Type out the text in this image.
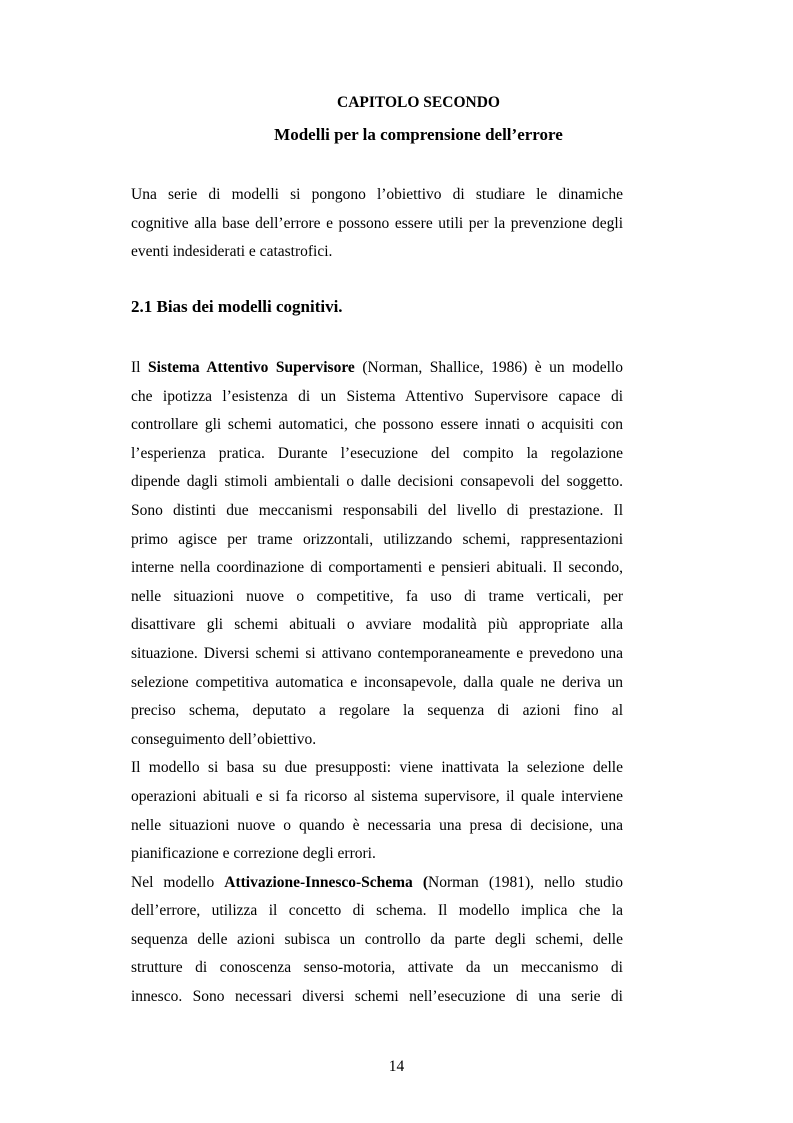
CAPITOLO SECONDO
Modelli per la comprensione dell’errore
Una serie di modelli si pongono l’obiettivo di studiare le dinamiche
cognitive alla base dell’errore e possono essere utili per la prevenzione degli
eventi indesiderati e catastrofici.
2.1 Bias dei modelli cognitivi.
Il Sistema Attentivo Supervisore (Norman, Shallice, 1986) è un modello
che ipotizza l’esistenza di un Sistema Attentivo Supervisore capace di
controllare gli schemi automatici, che possono essere innati o acquisiti con
l’esperienza pratica. Durante l’esecuzione del compito la regolazione
dipende dagli stimoli ambientali o dalle decisioni consapevoli del soggetto.
Sono distinti due meccanismi responsabili del livello di prestazione. Il
primo agisce per trame orizzontali, utilizzando schemi, rappresentazioni
interne nella coordinazione di comportamenti e pensieri abituali. Il secondo,
nelle situazioni nuove o competitive, fa uso di trame verticali, per
disattivare gli schemi abituali o avviare modalità più appropriate alla
situazione. Diversi schemi si attivano contemporaneamente e prevedono una
selezione competitiva automatica e inconsapevole, dalla quale ne deriva un
preciso schema, deputato a regolare la sequenza di azioni fino al
conseguimento dell’obiettivo.
Il modello si basa su due presupposti: viene inattivata la selezione delle
operazioni abituali e si fa ricorso al sistema supervisore, il quale interviene
nelle situazioni nuove o quando è necessaria una presa di decisione, una
pianificazione e correzione degli errori.
Nel modello Attivazione-Innesco-Schema (Norman (1981), nello studio
dell’errore, utilizza il concetto di schema. Il modello implica che la
sequenza delle azioni subisca un controllo da parte degli schemi, delle
strutture di conoscenza senso-motoria, attivate da un meccanismo di
innesco. Sono necessari diversi schemi nell’esecuzione di una serie di
14
